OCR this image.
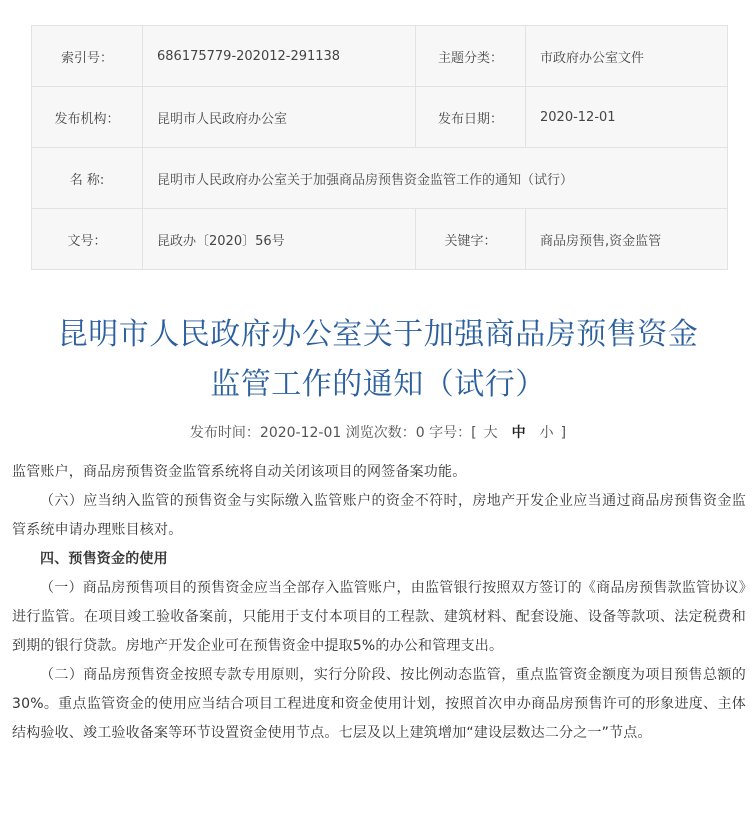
索引号：	686175779-202012-291138	主题分类：	市政府办公室文件
发布机构：	昆明市人民政府办公室	发布日期：	2020-12-01
名 称:	昆明市人民政府办公室关于加强商品房预售资金监管工作的通知（试行）		
文号：	昆政办〔2020〕56号	关键字：	商品房预售,资金监管
昆明市人民政府办公室关于加强商品房预售资金
监管工作的通知（试行）
发布时间：2020-12-01 浏览次数：0 字号：[ 大 中 小 ]

监管账户，商品房预售资金监管系统将自动关闭该项目的网签备案功能。

（六）应当纳入监管的预售资金与实际缴入监管账户的资金不符时，房地产开发企业应当通过商品房预售资金监管系统申请办理账目核对。

四、预售资金的使用

（一）商品房预售项目的预售资金应当全部存入监管账户，由监管银行按照双方签订的《商品房预售款监管协议》进行监管。在项目竣工验收备案前，只能用于支付本项目的工程款、建筑材料、配套设施、设备等款项、法定税费和到期的银行贷款。房地产开发企业可在预售资金中提取5%的办公和管理支出。

（二）商品房预售资金按照专款专用原则，实行分阶段、按比例动态监管，重点监管资金额度为项目预售总额的30%。重点监管资金的使用应当结合项目工程进度和资金使用计划，按照首次申办商品房预售许可的形象进度、主体结构验收、竣工验收备案等环节设置资金使用节点。七层及以上建筑增加“建设层数达二分之一”节点。
